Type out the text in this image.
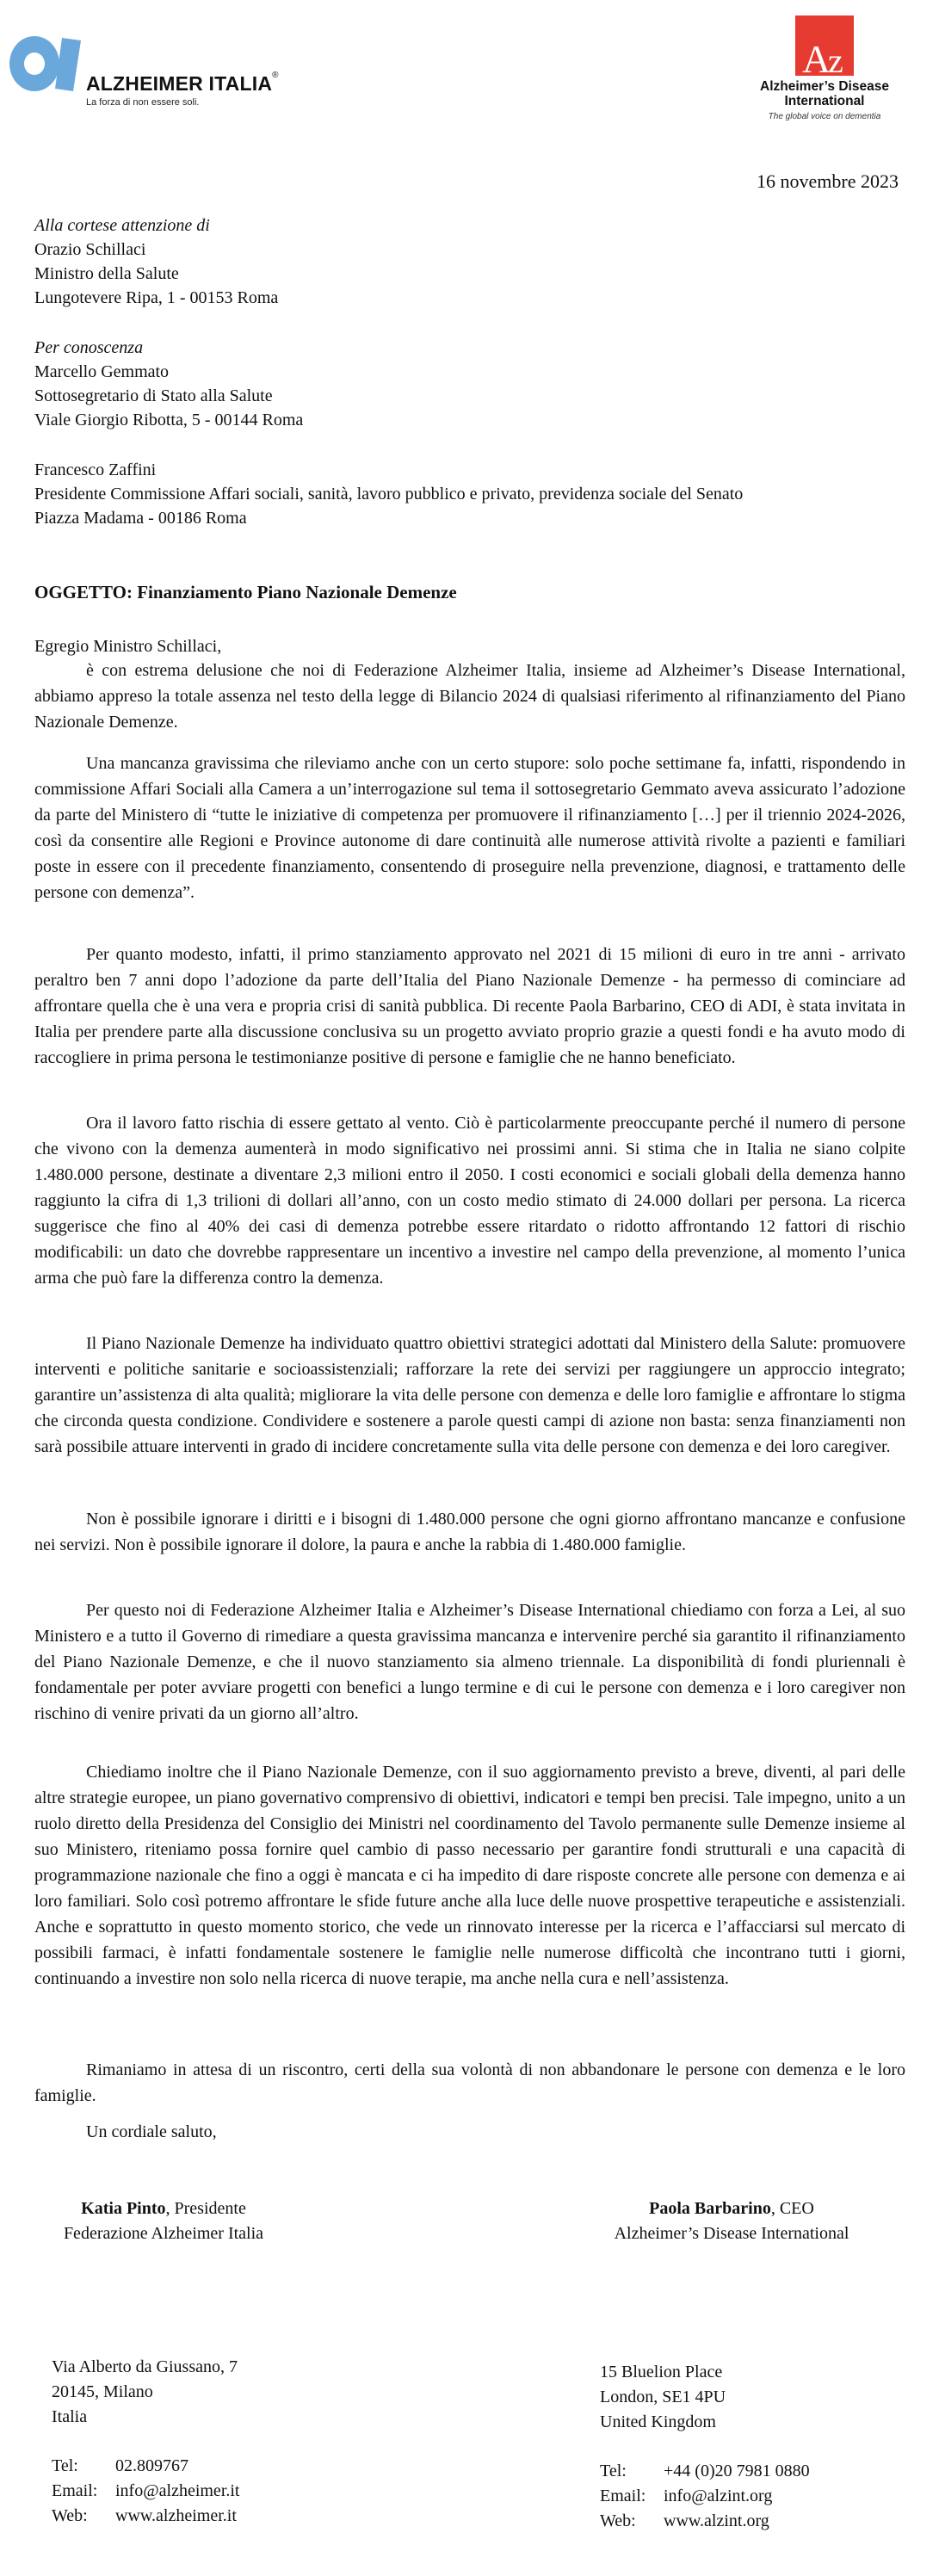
ALZHEIMER ITALIA®
La forza di non essere soli.
A
z
Alzheimer’s Disease
International
The global voice on dementia
16 novembre 2023
Alla cortese attenzione di
Orazio Schillaci
Ministro della Salute
Lungotevere Ripa, 1 - 00153 Roma
Per conoscenza
Marcello Gemmato
Sottosegretario di Stato alla Salute
Viale Giorgio Ribotta, 5 - 00144 Roma
Francesco Zaffini
Presidente Commissione Affari sociali, sanità, lavoro pubblico e privato, previdenza sociale del Senato
Piazza Madama - 00186 Roma
OGGETTO: Finanziamento Piano Nazionale Demenze
Egregio Ministro Schillaci,
è con estrema delusione che noi di Federazione Alzheimer Italia, insieme ad Alzheimer’s Disease International, abbiamo appreso la totale assenza nel testo della legge di Bilancio 2024 di qualsiasi riferimento al rifinanziamento del Piano Nazionale Demenze.
Una mancanza gravissima che rileviamo anche con un certo stupore: solo poche settimane fa, infatti, rispondendo in commissione Affari Sociali alla Camera a un’interrogazione sul tema il sottosegretario Gemmato aveva assicurato l’adozione da parte del Ministero di “tutte le iniziative di competenza per promuovere il rifinanziamento […] per il triennio 2024-2026, così da consentire alle Regioni e Province autonome di dare continuità alle numerose attività rivolte a pazienti e familiari poste in essere con il precedente finanziamento, consentendo di proseguire nella prevenzione, diagnosi, e trattamento delle persone con demenza”.
Per quanto modesto, infatti, il primo stanziamento approvato nel 2021 di 15 milioni di euro in tre anni - arrivato peraltro ben 7 anni dopo l’adozione da parte dell’Italia del Piano Nazionale Demenze - ha permesso di cominciare ad affrontare quella che è una vera e propria crisi di sanità pubblica. Di recente Paola Barbarino, CEO di ADI, è stata invitata in Italia per prendere parte alla discussione conclusiva su un progetto avviato proprio grazie a questi fondi e ha avuto modo di raccogliere in prima persona le testimonianze positive di persone e famiglie che ne hanno beneficiato.
Ora il lavoro fatto rischia di essere gettato al vento. Ciò è particolarmente preoccupante perché il numero di persone che vivono con la demenza aumenterà in modo significativo nei prossimi anni. Si stima che in Italia ne siano colpite 1.480.000 persone, destinate a diventare 2,3 milioni entro il 2050. I costi economici e sociali globali della demenza hanno raggiunto la cifra di 1,3 trilioni di dollari all’anno, con un costo medio stimato di 24.000 dollari per persona. La ricerca suggerisce che fino al 40% dei casi di demenza potrebbe essere ritardato o ridotto affrontando 12 fattori di rischio modificabili: un dato che dovrebbe rappresentare un incentivo a investire nel campo della prevenzione, al momento l’unica arma che può fare la differenza contro la demenza.
Il Piano Nazionale Demenze ha individuato quattro obiettivi strategici adottati dal Ministero della Salute: promuovere interventi e politiche sanitarie e socioassistenziali; rafforzare la rete dei servizi per raggiungere un approccio integrato; garantire un’assistenza di alta qualità; migliorare la vita delle persone con demenza e delle loro famiglie e affrontare lo stigma che circonda questa condizione. Condividere e sostenere a parole questi campi di azione non basta: senza finanziamenti non sarà possibile attuare interventi in grado di incidere concretamente sulla vita delle persone con demenza e dei loro caregiver.
Non è possibile ignorare i diritti e i bisogni di 1.480.000 persone che ogni giorno affrontano mancanze e confusione nei servizi. Non è possibile ignorare il dolore, la paura e anche la rabbia di 1.480.000 famiglie.
Per questo noi di Federazione Alzheimer Italia e Alzheimer’s Disease International chiediamo con forza a Lei, al suo Ministero e a tutto il Governo di rimediare a questa gravissima mancanza e intervenire perché sia garantito il rifinanziamento del Piano Nazionale Demenze, e che il nuovo stanziamento sia almeno triennale. La disponibilità di fondi pluriennali è fondamentale per poter avviare progetti con benefici a lungo termine e di cui le persone con demenza e i loro caregiver non rischino di venire privati da un giorno all’altro.
Chiediamo inoltre che il Piano Nazionale Demenze, con il suo aggiornamento previsto a breve, diventi, al pari delle altre strategie europee, un piano governativo comprensivo di obiettivi, indicatori e tempi ben precisi. Tale impegno, unito a un ruolo diretto della Presidenza del Consiglio dei Ministri nel coordinamento del Tavolo permanente sulle Demenze insieme al suo Ministero, riteniamo possa fornire quel cambio di passo necessario per garantire fondi strutturali e una capacità di programmazione nazionale che fino a oggi è mancata e ci ha impedito di dare risposte concrete alle persone con demenza e ai loro familiari. Solo così potremo affrontare le sfide future anche alla luce delle nuove prospettive terapeutiche e assistenziali. Anche e soprattutto in questo momento storico, che vede un rinnovato interesse per la ricerca e l’affacciarsi sul mercato di possibili farmaci, è infatti fondamentale sostenere le famiglie nelle numerose difficoltà che incontrano tutti i giorni, continuando a investire non solo nella ricerca di nuove terapie, ma anche nella cura e nell’assistenza.
Rimaniamo in attesa di un riscontro, certi della sua volontà di non abbandonare le persone con demenza e le loro famiglie.
Un cordiale saluto,
Katia Pinto, Presidente
Federazione Alzheimer Italia
Paola Barbarino, CEO
Alzheimer’s Disease International
Via Alberto da Giussano, 7
20145, Milano
Italia
Tel:	02.809767
Email:	info@alzheimer.it
Web:	www.alzheimer.it
15 Bluelion Place
London, SE1 4PU
United Kingdom
Tel:	+44 (0)20 7981 0880
Email:	info@alzint.org
Web:	www.alzint.org
